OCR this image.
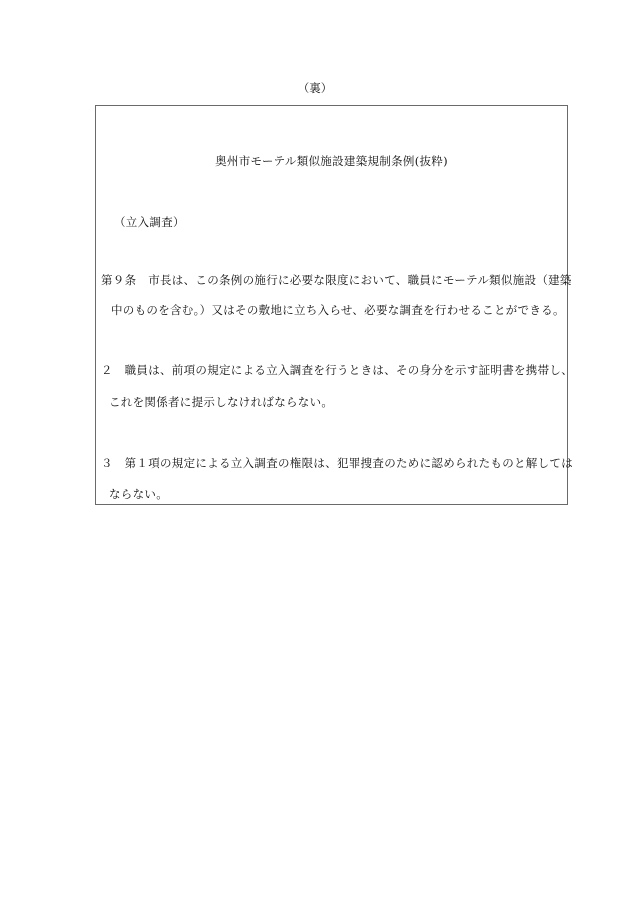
（裏）
奥州市モーテル類似施設建築規制条例(抜粋)
（立入調査）
第９条　市長は、この条例の施行に必要な限度において、職員にモーテル類似施設（建築
中のものを含む。）又はその敷地に立ち入らせ、必要な調査を行わせることができる。
２　職員は、前項の規定による立入調査を行うときは、その身分を示す証明書を携帯し、
これを関係者に提示しなければならない。
３　第１項の規定による立入調査の権限は、犯罪捜査のために認められたものと解しては
ならない。
